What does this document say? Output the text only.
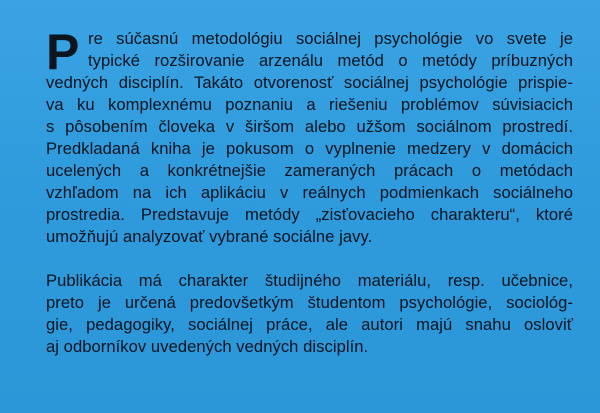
P re súčasnú metodológiu sociálnej psychológie vo svete je
typické rozširovanie arzenálu metód o metódy príbuzných
vedných disciplín. Takáto otvorenosť sociálnej psychológie prispie-
va ku komplexnému poznaniu a riešeniu problémov súvisiacich
s pôsobením človeka v širšom alebo užšom sociálnom prostredí.
Predkladaná kniha je pokusom o vyplnenie medzery v domácich
ucelených a konkrétnejšie zameraných prácach o metódach
vzhľadom na ich aplikáciu v reálnych podmienkach sociálneho
prostredia. Predstavuje metódy „zisťovacieho charakteru“, ktoré
umožňujú analyzovať vybrané sociálne javy.
Publikácia má charakter študijného materiálu, resp. učebnice,
preto je určená predovšetkým študentom psychológie, sociológ-
gie, pedagogiky, sociálnej práce, ale autori majú snahu osloviť
aj odborníkov uvedených vedných disciplín.
